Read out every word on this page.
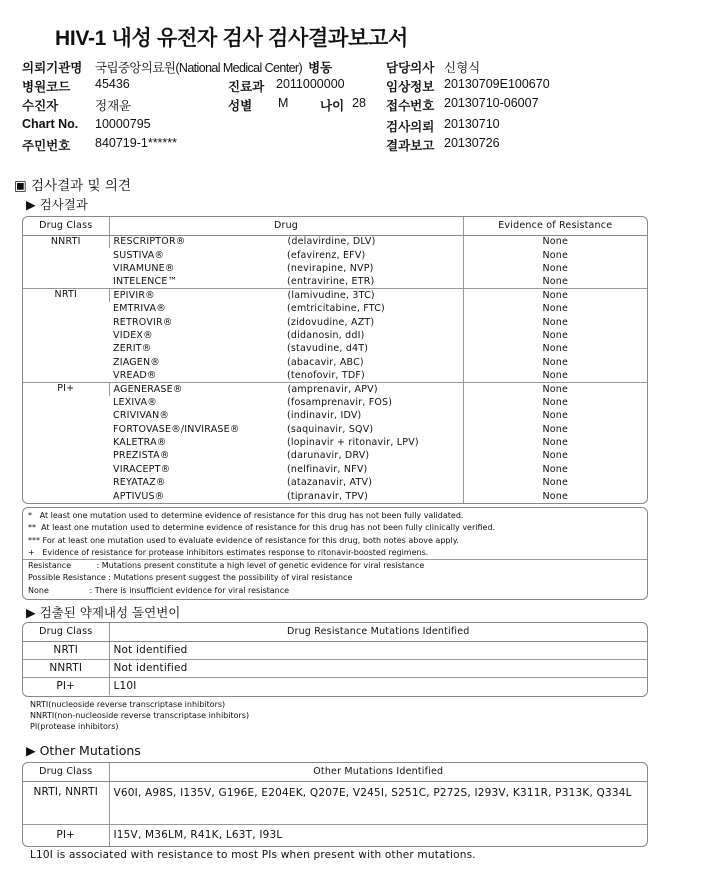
HIV-1 내성 유전자 검사 검사결과보고서
의뢰기관명 국립중앙의료원(National Medical Center) 병동	담당의사 신형식
병원코드 45436	진료과 2011000000	임상정보 20130709E100670
수진자	정재윤	성별 M	나이 28 접수번호 20130710-06007
Chart No. 10000795	검사의뢰 20130710
주민번호 840719-1******	결과보고 20130726
▣ 검사결과 및 의견
▶ 검사결과
Drug Class	Drug	Evidence of Resistance
NNRTI	RESCRIPTOR® (delavirdine, DLV)	None
	SUSTIVA® (efavirenz, EFV)	None
	VIRAMUNE® (nevirapine, NVP)	None
	INTELENCE™ (entravirine, ETR)	None
NRTI	EPIVIR® (lamivudine, 3TC)	None
	EMTRIVA® (emtricitabine, FTC)	None
	RETROVIR® (zidovudine, AZT)	None
	VIDEX® (didanosin, ddI)	None
	ZERIT® (stavudine, d4T)	None
	ZIAGEN® (abacavir, ABC)	None
	VREAD® (tenofovir, TDF)	None
PI+	AGENERASE® (amprenavir, APV)	None
	LEXIVA® (fosamprenavir, FOS)	None
	CRIVIVAN® (indinavir, IDV)	None
	FORTOVASE®/INVIRASE® (saquinavir, SQV)	None
	KALETRA® (lopinavir + ritonavir, LPV)	None
	PREZISTA® (darunavir, DRV)	None
	VIRACEPT® (nelfinavir, NFV)	None
	REYATAZ® (atazanavir, ATV)	None
	APTIVUS® (tipranavir, TPV)	None
*   At least one mutation used to determine evidence of resistance for this drug has not been fully validated.
**  At least one mutation used to determine evidence of resistance for this drug has not been fully clinically verified.
*** For at least one mutation used to evaluate evidence of resistance for this drug, both notes above apply.
+   Evidence of resistance for protease inhibitors estimates response to ritonavir-boosted regimens.
Resistance          : Mutations present constitute a high level of genetic evidence for viral resistance
Possible Resistance : Mutations present suggest the possibility of viral resistance
None                : There is insufficient evidence for viral resistance
▶ 검출된 약제내성 돌연변이
Drug Class	Drug Resistance Mutations Identified
NRTI	Not identified
NNRTI	Not identified
PI+	L10I
NRTI(nucleoside reverse transcriptase inhibitors)
NNRTI(non-nucleoside reverse transcriptase inhibitors)
PI(protease inhibitors)
▶ Other Mutations
Drug Class	Other Mutations Identified
NRTI, NNRTI	V60I, A98S, I135V, G196E, E204EK, Q207E, V245I, S251C, P272S, I293V, K311R, P313K, Q334L
PI+	I15V, M36LM, R41K, L63T, I93L
L10I is associated with resistance to most PIs when present with other mutations.
